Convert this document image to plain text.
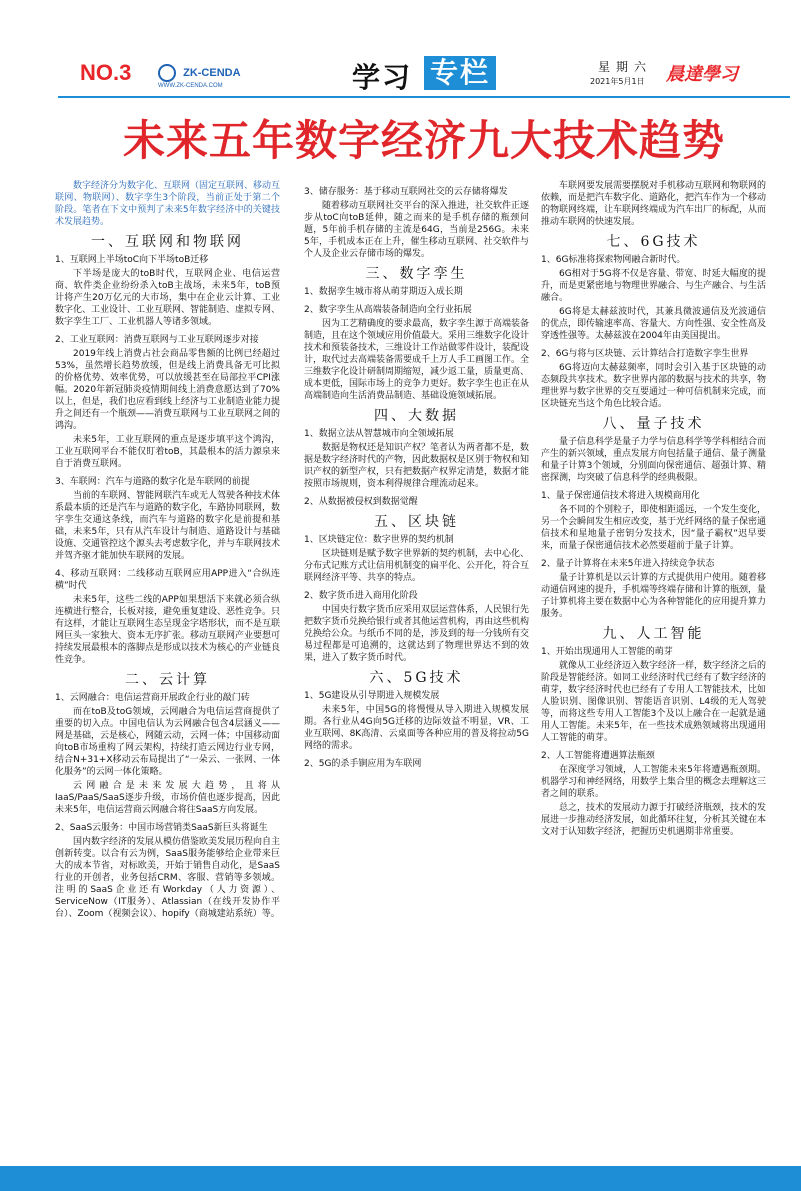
NO.3	ZK-CENDA
WWW.ZK-CENDA.COM	学习 专栏	星期六
2021年5月1日 晨達學习
未来五年数字经济九大技术趋势

数字经济分为数字化、互联网（固定互联网、移动互联网、物联网）、数字孪生3个阶段，当前正处于第二个阶段。笔者在下文中预判了未来5年数字经济中的关键技术发展趋势。

一、互联网和物联网

1、互联网上半场toC向下半场toB迁移

下半场是庞大的toB时代，互联网企业、电信运营商、软件类企业纷纷杀入toB主战场，未来5年，toB预计将产生20万亿元的大市场，集中在企业云计算、工业数字化、工业设计、工业互联网、智能制造、虚拟专网、数字孪生工厂、工业机器人等诸多领域。

2、工业互联网：消费互联网与工业互联网逐步对接

2019年线上消费占社会商品零售额的比例已经超过53%，虽然增长趋势放缓，但是线上消费具备无可比拟的价格优势、效率优势，可以放缓甚至在局部拉平CPI涨幅。2020年新冠肺炎疫情期间线上消费意愿达到了70%以上，但是，我们也应看到线上经济与工业制造业能力提升之间还有一个瓶颈——消费互联网与工业互联网之间的鸿沟。

未来5年，工业互联网的重点是逐步填平这个鸿沟，工业互联网平台不能仅盯着toB，其最根本的活力源泉来自于消费互联网。

3、车联网：汽车与道路的数字化是车联网的前提

当前的车联网、智能网联汽车或无人驾驶各种技术体系最本质的还是汽车与道路的数字化，车路协同联网，数字孪生交通这条线，而汽车与道路的数字化是前提和基础，未来5年，只有从汽车设计与制造、道路设计与基础设施、交通管控这个源头去考虑数字化，并与车联网技术并驾齐驱才能加快车联网的发展。

4、移动互联网：二线移动互联网应用APP进入“合纵连横”时代

未来5年，这些二线的APP如果想活下来就必须合纵连横进行整合，长板对接，避免重复建设、恶性竞争。只有这样，才能让互联网生态呈现金字塔形状，而不是互联网巨头一家独大、资本无序扩张。移动互联网产业要想可持续发展最根本的落脚点是形成以技术为核心的产业链良性竞争。

二、云计算

1、云网融合：电信运营商开展政企行业的敲门砖

而在toB及toG领域，云网融合为电信运营商提供了重要的切入点。中国电信认为云网融合包含4层涵义——网是基础，云是核心，网随云动，云网一体；中国移动面向toB市场重构了网云架构，持续打造云网边行业专网，结合N+31+X移动云布局提出了“一朵云、一张网、一体化服务”的云网一体化策略。

云网融合是未来发展大趋势，且将从IaaS/PaaS/SaaS逐步升级，市场价值也逐步提高，因此未来5年，电信运营商云网融合将往SaaS方向发展。

2、SaaS云服务：中国市场营销类SaaS新巨头将诞生

国内数字经济的发展从模仿借鉴欧美发展历程向自主创新转变。以合有云为例，SaaS服务能够给企业带来巨大的成本节省，对标欧美，开始于销售自动化，是SaaS行业的开创者，业务包括CRM、客服、营销等多领域。注明的SaaS企业还有Workday（人力资源）、ServiceNow（IT服务）、Atlassian（在线开发协作平台）、Zoom（视频会议）、hopify（商城建站系统）等。

3、储存服务：基于移动互联网社交的云存储将爆发

随着移动互联网社交平台的深入推进，社交软件正逐步从toC向toB延伸，随之而来的是手机存储的瓶颈问题，5年前手机存储的主流是64G，当前是256G。未来5年，手机成本正在上升，催生移动互联网、社交软件与个人及企业云存储市场的爆发。

三、数字孪生

1、数据孪生城市将从萌芽期迈入成长期

2、数字孪生从高端装备制造向全行业拓展

因为工艺精确度的要求最高，数字孪生源于高端装备制造，且在这个领域应用价值最大。采用三维数字化设计技术和预装备技术，三维设计工作站做零件设计，装配设计，取代过去高端装备需要成千上万人手工画图工作。全三维数字化设计研制周期缩短，减少返工量，质量更高、成本更低，国际市场上的竞争力更好。数字孪生也正在从高端制造向生活消费品制造、基础设施领域拓展。

四、大数据

1、数据立法从智慧城市向全领域拓展

数据是物权还是知识产权？笔者认为两者都不是，数据是数字经济时代的产物，因此数据权是区别于物权和知识产权的新型产权，只有把数据产权界定清楚，数据才能按照市场规则，资本利得规律合理流动起来。

2、从数据被侵权到数据觉醒

五、区块链

1、区块链定位：数字世界的契约机制

区块链则是赋予数字世界新的契约机制，去中心化、分布式记账方式让信用机制变的扁平化、公开化，符合互联网经济平等、共享的特点。

2、数字货币进入商用化阶段

中国央行数字货币应采用双层运营体系，人民银行先把数字货币兑换给银行或者其他运营机构，再由这些机构兑换给公众。与纸币不同的是，涉及到的每一分钱所有交易过程都是可追溯的，这就达到了物理世界达不到的效果，进入了数字货币时代。

六、5G技术

1、5G建设从引导期进入规模发展

未来5年，中国5G的将慢慢从导入期进入规模发展期。各行业从4G向5G迁移的边际效益不明显，VR、工业互联网、8K高清、云桌面等各种应用的普及将拉动5G网络的需求。

2、5G的杀手锏应用为车联网

车联网要发展需要摆脱对手机移动互联网和物联网的依赖，而是把汽车数字化、道路化，把汽车作为一个移动的物联网终端，让车联网终端成为汽车出厂的标配，从而推动车联网的快速发展。

七、6G技术

1、6G标准将探索物网融合新时代。

6G相对于5G将不仅是容量、带宽、时延大幅度的提升，而是更紧密地与物理世界融合、与生产融合、与生活融合。

6G将是太赫兹波时代，其兼具微波通信及光波通信的优点，即传输速率高、容量大、方向性强、安全性高及穿透性强等。太赫兹波在2004年由美国提出。

2、6G与将与区块链、云计算结合打造数字孪生世界

6G将迈向太赫兹频率，同时会引入基于区块链的动态频段共享技术。数字世界内部的数据与技术的共享，物理世界与数字世界的交互要通过一种可信机制来完成，而区块链充当这个角色比较合适。

八、量子技术

量子信息科学是量子力学与信息科学等学科相结合而产生的新兴领域，重点发展方向包括量子通信、量子测量和量子计算3个领域，分别面向保密通信、超强计算、精密探测，均突破了信息科学的经典极限。

1、量子保密通信技术将进入规模商用化

各不同的个别粒子，即使相距遥远，一个发生变化，另一个会瞬间发生相应改变，基于光纤网络的量子保密通信技术和星地量子密钥分发技术，因“量子霸权”迟早要来，而量子保密通信技术必然要超前于量子计算。

2、量子计算将在未来5年进入持续竞争状态

量子计算机是以云计算的方式提供用户使用。随着移动通信网速的提升，手机端等终端存储和计算的瓶颈，量子计算机将主要在数据中心为各种智能化的应用提升算力服务。

九、人工智能

1、开始出现通用人工智能的萌芽

就像从工业经济迈入数字经济一样，数字经济之后的阶段是智能经济。如同工业经济时代已经有了数字经济的萌芽，数字经济时代也已经有了专用人工智能技术，比如人脸识别、图像识别、智能语音识别、L4级的无人驾驶等，而将这些专用人工智能3个及以上融合在一起就是通用人工智能。未来5年，在一些技术成熟领域将出现通用人工智能的萌芽。

2、人工智能将遭遇算法瓶颈

在深度学习领域，人工智能未来5年将遭遇瓶颈期。机器学习和神经网络，用数学上集合里的概念去理解这三者之间的联系。

总之，技术的发展动力源于打破经济瓶颈，技术的发展进一步推动经济发展，如此循环往复，分析其关键在本文对于认知数字经济，把握历史机遇期非常重要。
